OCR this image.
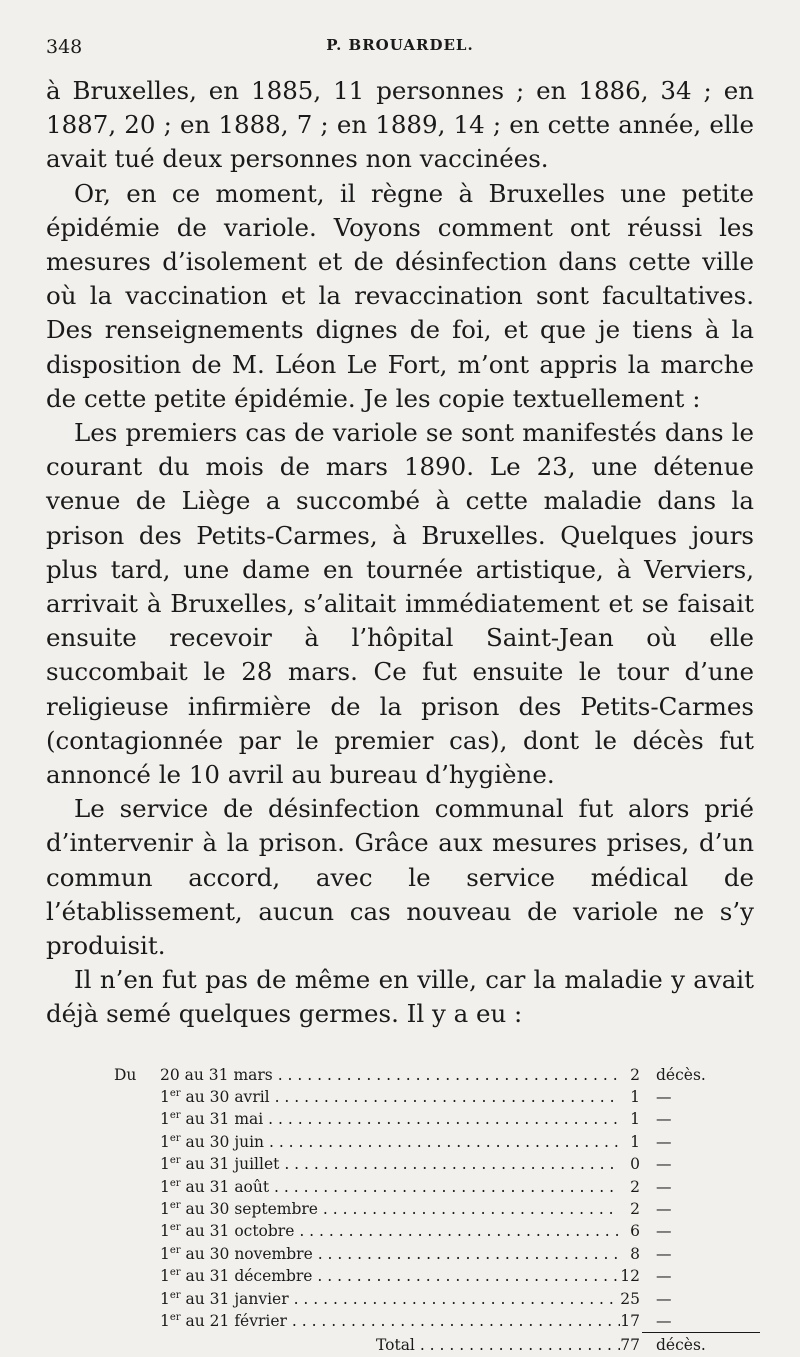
348	P. BROUARDEL.

à Bruxelles, en 1885, 11 personnes ; en 1886, 34 ; en 1887, 20 ; en 1888, 7 ; en 1889, 14 ; en cette année, elle avait tué deux personnes non vaccinées.

Or, en ce moment, il règne à Bruxelles une petite épidémie de variole. Voyons comment ont réussi les mesures d’isolement et de désinfection dans cette ville où la vaccination et la revaccination sont facultatives. Des renseignements dignes de foi, et que je tiens à la disposition de M. Léon Le Fort, m’ont appris la marche de cette petite épidémie. Je les copie textuellement :

Les premiers cas de variole se sont manifestés dans le courant du mois de mars 1890. Le 23, une détenue venue de Liège a succombé à cette maladie dans la prison des Petits-Carmes, à Bruxelles. Quelques jours plus tard, une dame en tournée artistique, à Verviers, arrivait à Bruxelles, s’alitait immédiatement et se faisait ensuite recevoir à l’hôpital Saint-Jean où elle succombait le 28 mars. Ce fut ensuite le tour d’une religieuse infirmière de la prison des Petits-Carmes (contagionnée par le premier cas), dont le décès fut annoncé le 10 avril au bureau d’hygiène.

Le service de désinfection communal fut alors prié d’intervenir à la prison. Grâce aux mesures prises, d’un commun accord, avec le service médical de l’établissement, aucun cas nouveau de variole ne s’y produisit.

Il n’en fut pas de même en ville, car la maladie y avait déjà semé quelques germes. Il y a eu :

Du 20 au 31 mars . . .	2 décès.
1er au 30 avril . . .	1 —
1er au 31 mai . . .	1 —
1er au 30 juin . . .	1 —
1er au 31 juillet . . .	0 —
1er au 31 août . . .	2 —
1er au 30 septembre . . .	2 —
1er au 31 octobre . . .	6 —
1er au 30 novembre . . .	8 —
1er au 31 décembre . . .	12 —
1er au 31 janvier . . .	25 —
1er au 21 février . . .	17 —
Total . . .	77 décès.
